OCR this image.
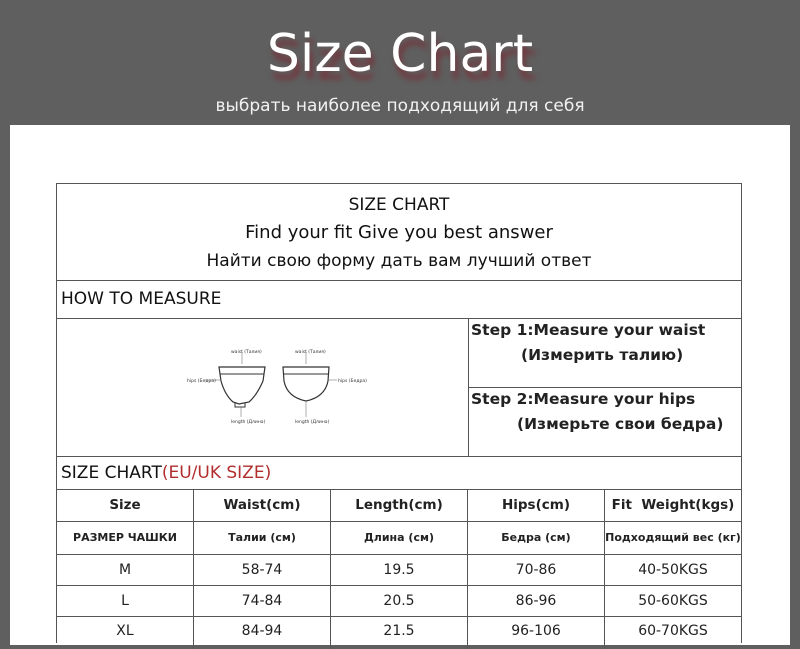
Size Chart
выбрать наиболее подходящий для себя
SIZE CHART
Find your fit Give you best answer
Найти свою форму дать вам лучший ответ
HOW TO MEASURE
waist (Талия)	waist (Талия)
hips (Бедра)	hips (Бедра)
length (Длина)	length (Длина)
Step 1:Measure your waist
(Измерить талию)
Step 2:Measure your hips
(Измерьте свои бедра)
SIZE CHART(EU/UK SIZE)
Size	Waist(cm)	Length(cm)	Hips(cm)	Fit  Weight(kgs)
РАЗМЕР ЧАШКИ	Талии (см)	Длина (см)	Бедра (см)	Подходящий вес (кг)
M	58-74	19.5	70-86	40-50KGS
L	74-84	20.5	86-96	50-60KGS
XL	84-94	21.5	96-106	60-70KGS
